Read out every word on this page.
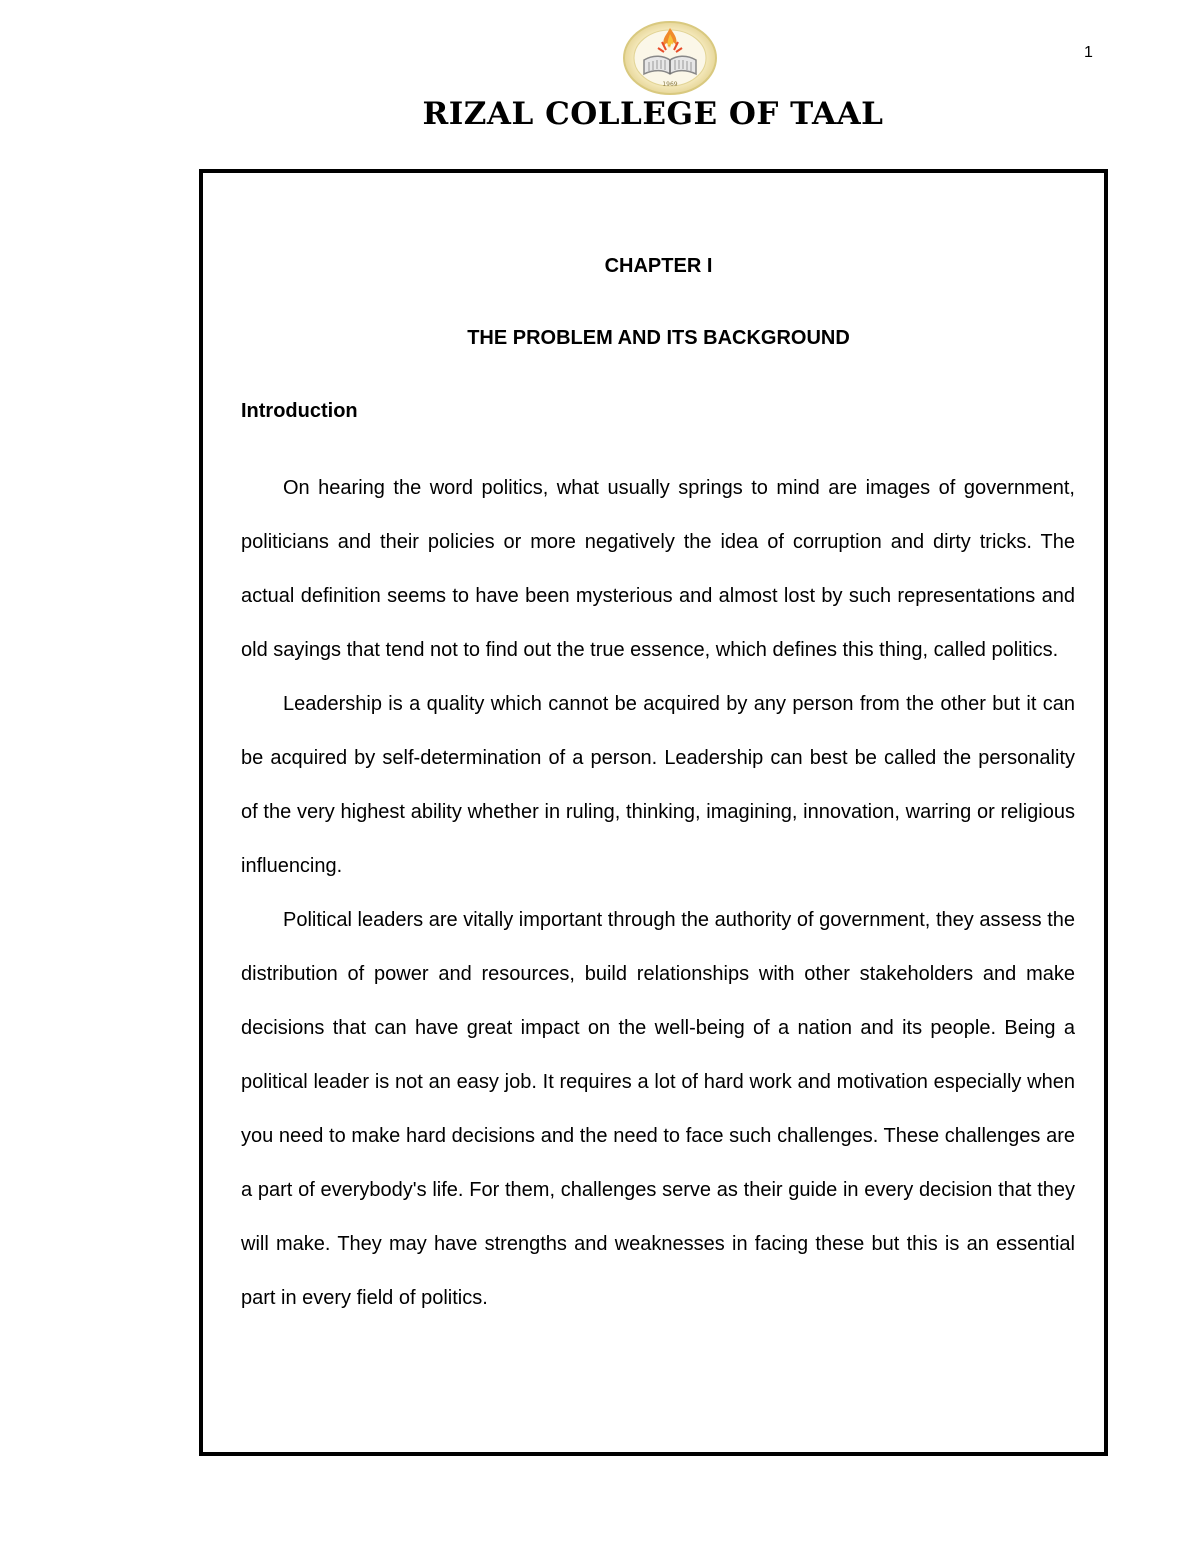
1
1969
RIZAL COLLEGE OF TAAL
CHAPTER I
THE PROBLEM AND ITS BACKGROUND
Introduction

On hearing the word politics, what usually springs to mind are images of government, politicians and their policies or more negatively the idea of corruption and dirty tricks. The actual definition seems to have been mysterious and almost lost by such representations and old sayings that tend not to find out the true essence, which defines this thing, called politics.

Leadership is a quality which cannot be acquired by any person from the other but it can be acquired by self-determination of a person. Leadership can best be called the personality of the very highest ability whether in ruling, thinking, imagining, innovation, warring or religious influencing.

Political leaders are vitally important through the authority of government, they assess the distribution of power and resources, build relationships with other stakeholders and make decisions that can have great impact on the well-being of a nation and its people. Being a political leader is not an easy job. It requires a lot of hard work and motivation especially when you need to make hard decisions and the need to face such challenges. These challenges are a part of everybody's life. For them, challenges serve as their guide in every decision that they will make. They may have strengths and weaknesses in facing these but this is an essential part in every field of politics.
